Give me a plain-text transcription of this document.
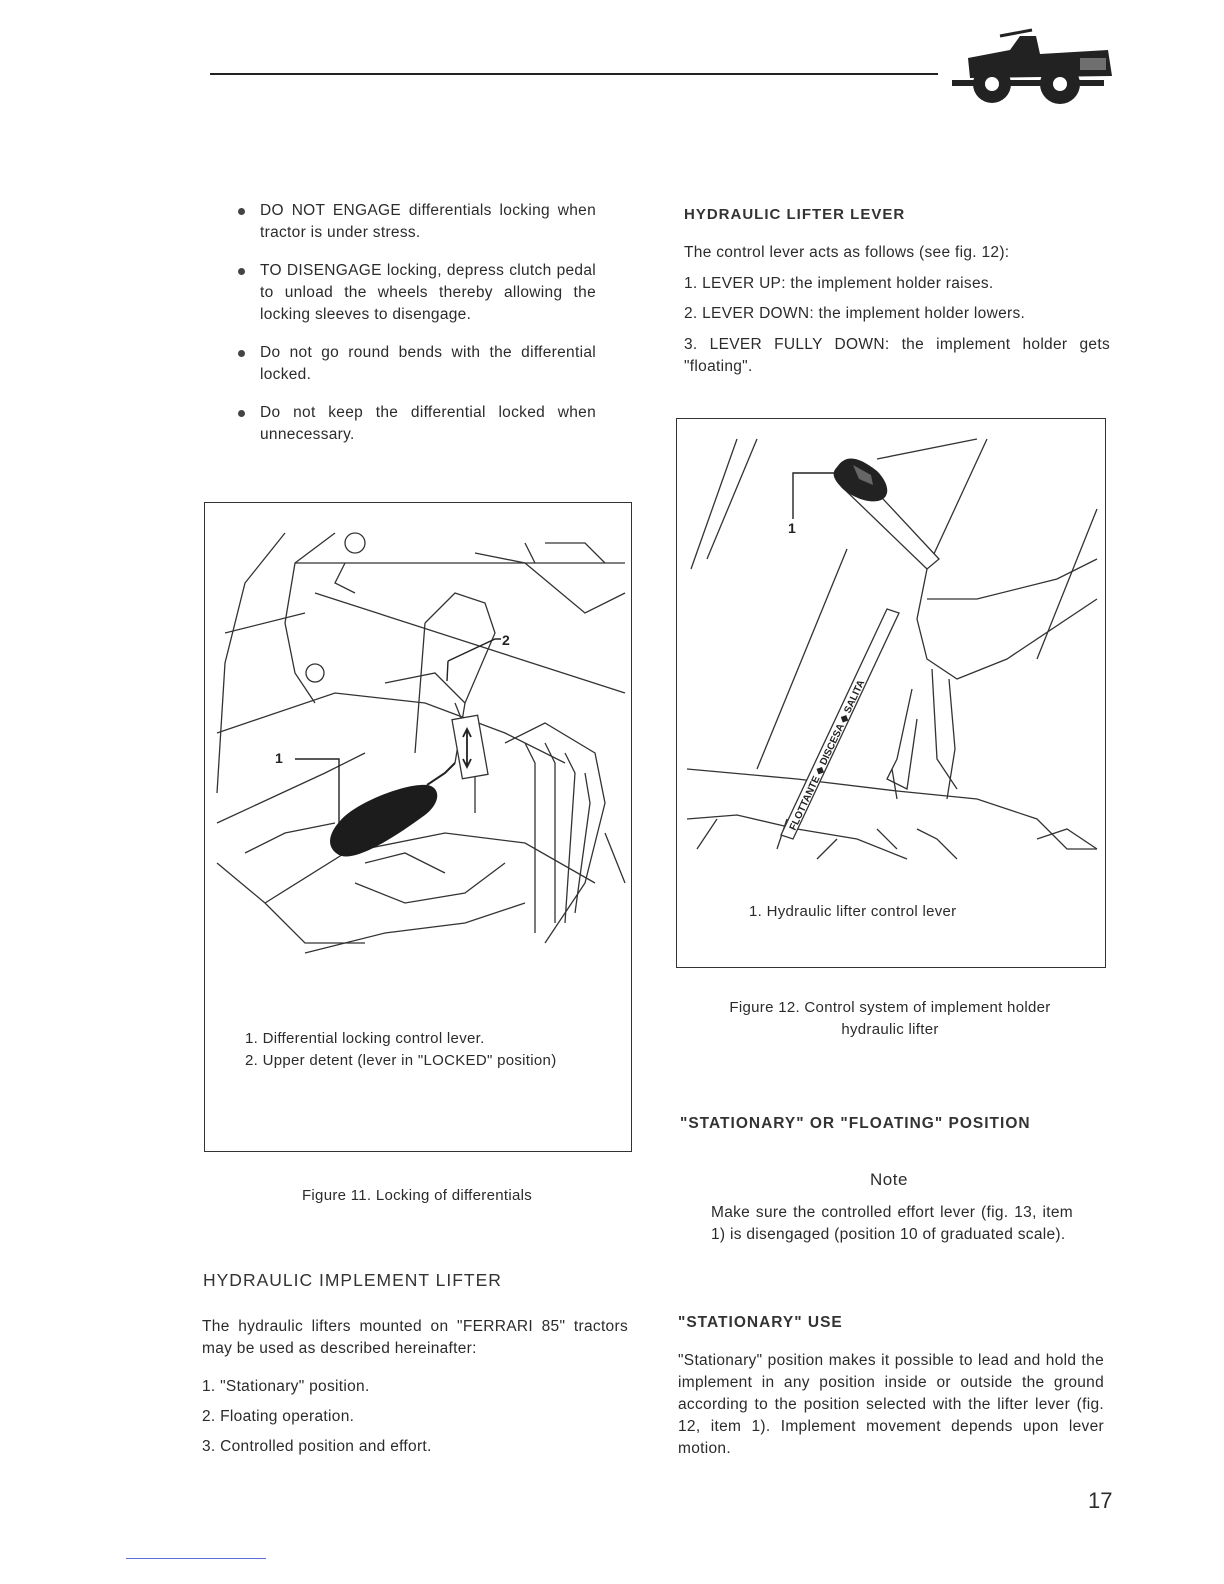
DO NOT ENGAGE differentials locking when tractor is under stress.
TO DISENGAGE locking, depress clutch pedal to unload the wheels thereby allowing the locking sleeves to disengage.
Do not go round bends with the differential locked.
Do not keep the differential locked when unnecessary.
1
2
1. Differential locking control lever.
2. Upper detent (lever in "LOCKED" position)
Figure 11. Locking of differentials
HYDRAULIC IMPLEMENT LIFTER
The hydraulic lifters mounted on "FERRARI 85" tractors may be used as described hereinafter:
1. "Stationary" position.
2. Floating operation.
3. Controlled position and effort.
HYDRAULIC LIFTER LEVER
The control lever acts as follows (see fig. 12):
1. LEVER UP: the implement holder raises.
2. LEVER DOWN: the implement holder lowers.
3. LEVER FULLY DOWN: the implement holder gets "floating".
FLOTTANTE ◆ DISCESA ◆ SALITA
1
1. Hydraulic lifter control lever
Figure 12. Control system of implement holder
hydraulic lifter
"STATIONARY" OR "FLOATING" POSITION
Note
Make sure the controlled effort lever (fig. 13, item 1) is disengaged (position 10 of graduated scale).
"STATIONARY" USE
"Stationary" position makes it possible to lead and hold the implement in any position inside or outside the ground according to the position selected with the lifter lever (fig. 12, item 1). Implement movement depends upon lever motion.
17
